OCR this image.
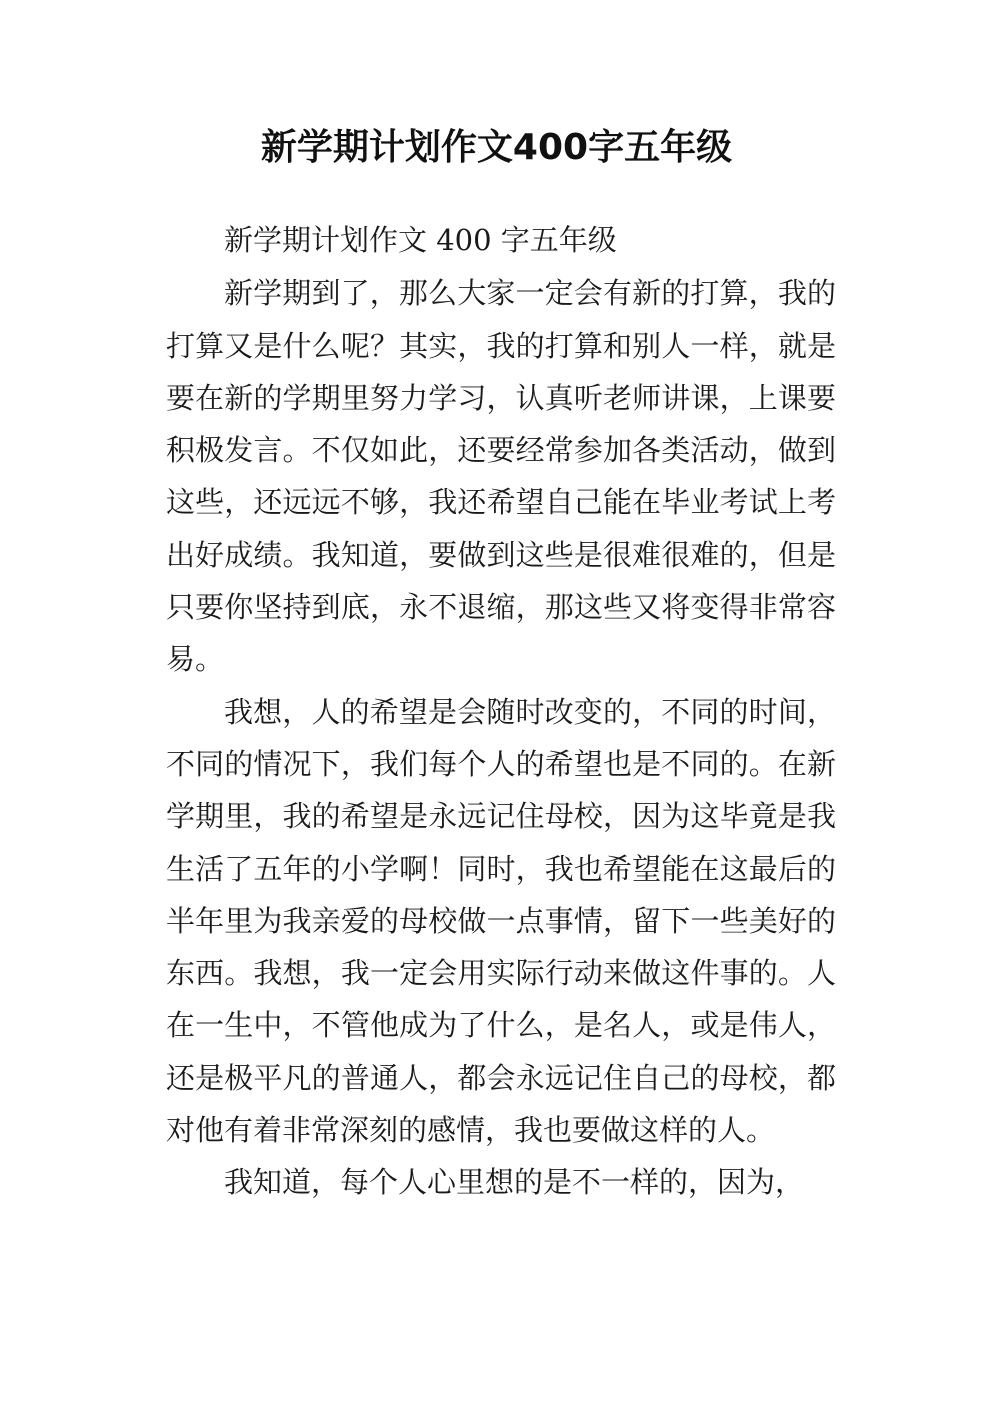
新学期计划作文400字五年级

新学期计划作文 400 字五年级

新学期到了，那么大家一定会有新的打算，我的打算又是什么呢？其实，我的打算和别人一样，就是要在新的学期里努力学习，认真听老师讲课，上课要积极发言。不仅如此，还要经常参加各类活动，做到这些，还远远不够，我还希望自己能在毕业考试上考出好成绩。我知道，要做到这些是很难很难的，但是只要你坚持到底，永不退缩，那这些又将变得非常容易。

我想，人的希望是会随时改变的，不同的时间，不同的情况下，我们每个人的希望也是不同的。在新学期里，我的希望是永远记住母校，因为这毕竟是我生活了五年的小学啊！同时，我也希望能在这最后的半年里为我亲爱的母校做一点事情，留下一些美好的东西。我想，我一定会用实际行动来做这件事的。人在一生中，不管他成为了什么，是名人，或是伟人，还是极平凡的普通人，都会永远记住自己的母校，都对他有着非常深刻的感情，我也要做这样的人。

我知道，每个人心里想的是不一样的，因为，
